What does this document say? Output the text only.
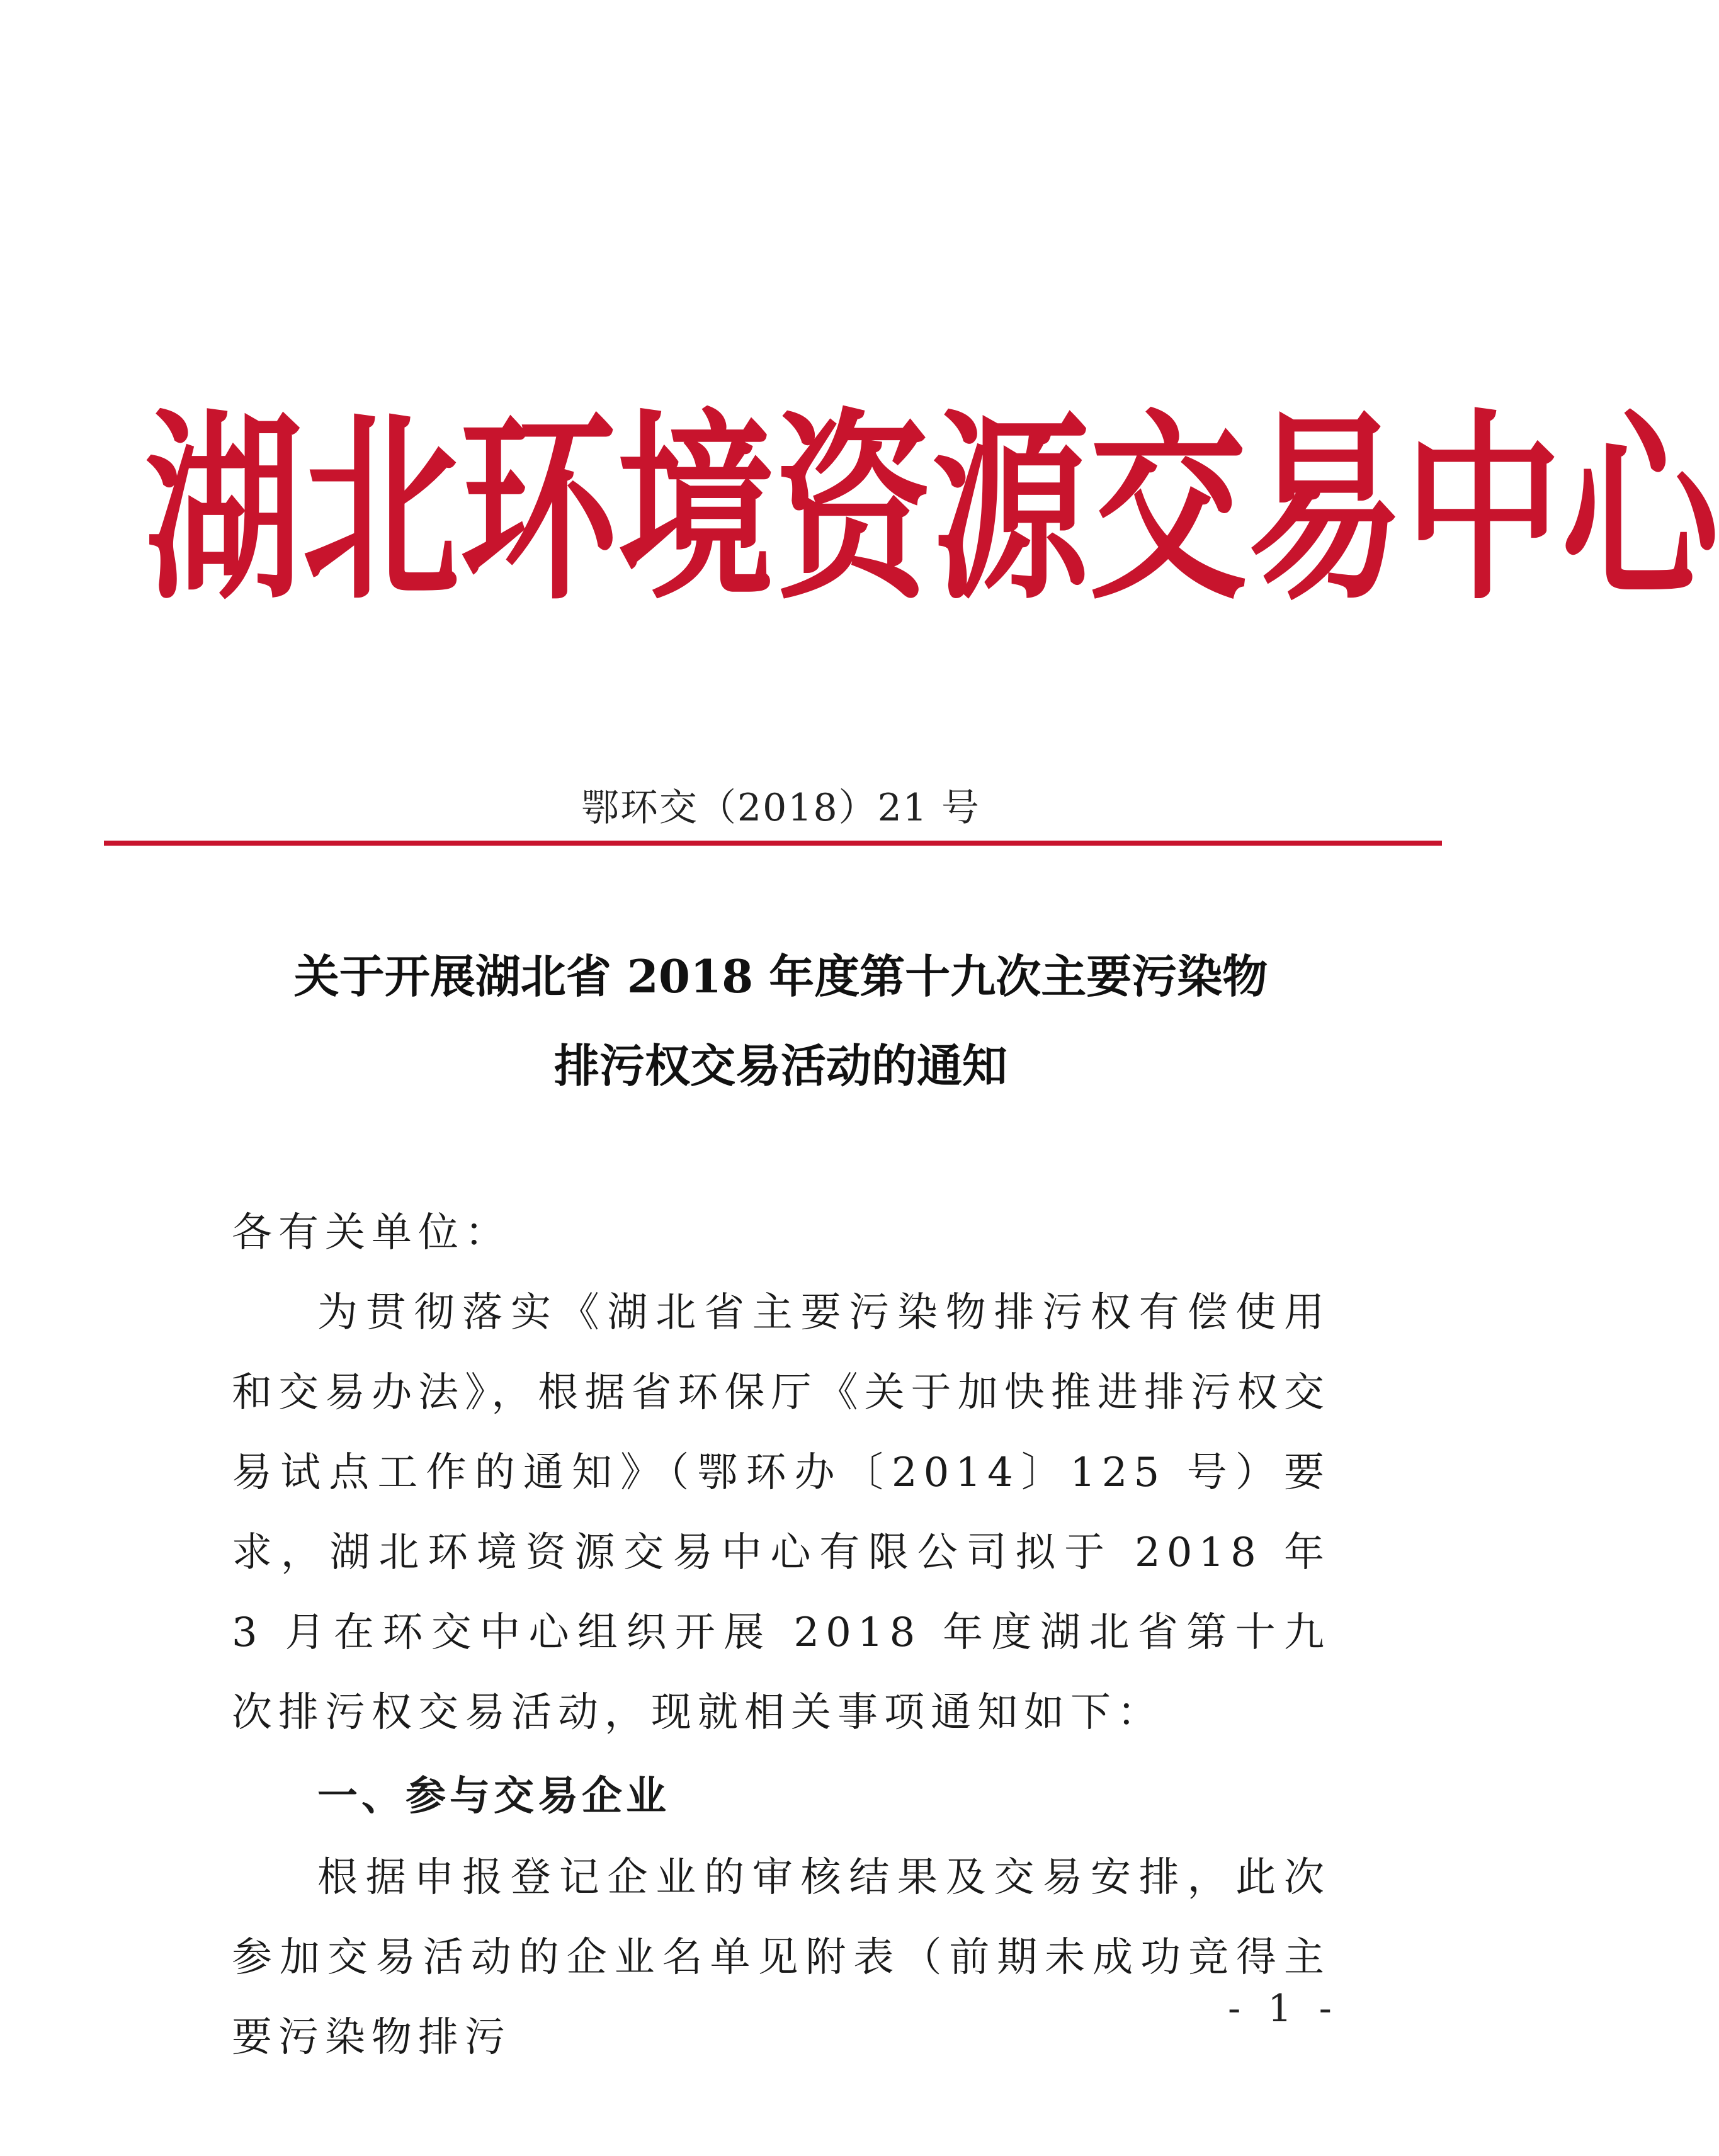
湖 北 环 境 资 源 交 易 中 心
鄂环交（2018）21 号
关于开展湖北省 2018 年度第十九次主要污染物
排污权交易活动的通知

各有关单位：

为贯彻落实《湖北省主要污染物排污权有偿使用和交易办法》，根据省环保厅《关于加快推进排污权交易试点工作的通知》（鄂环办〔2014〕125 号）要求，湖北环境资源交易中心有限公司拟于 2018 年 3 月在环交中心组织开展 2018 年度湖北省第十九次排污权交易活动，现就相关事项通知如下：

一、参与交易企业

根据申报登记企业的审核结果及交易安排，此次参加交易活动的企业名单见附表（前期未成功竞得主要污染物排污

- 1 -
